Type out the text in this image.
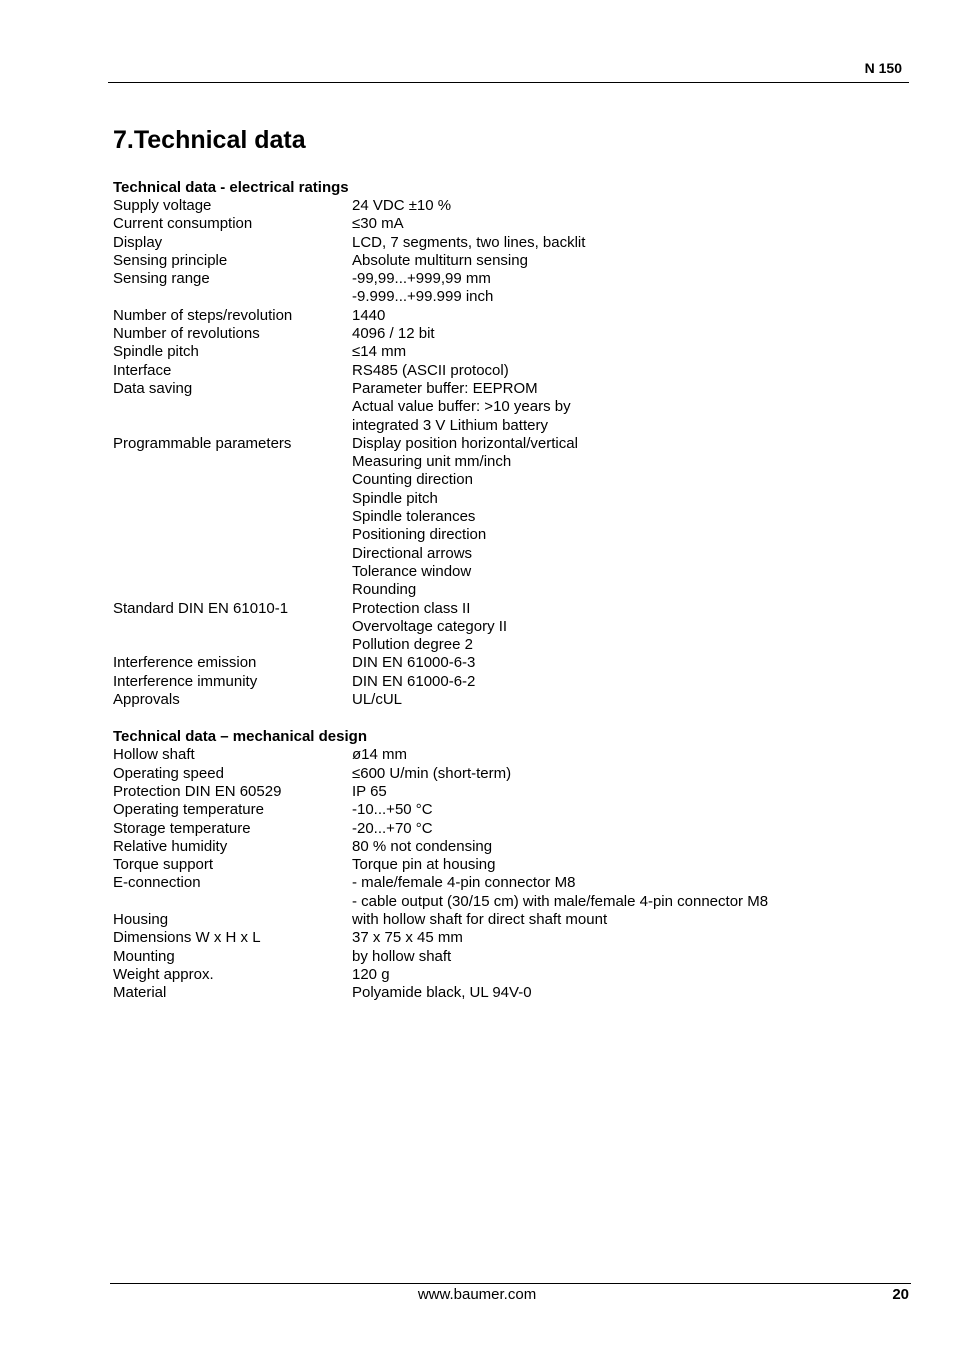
N 150
7.Technical data
Technical data - electrical ratings
Supply voltage	24 VDC ±10 %
Current consumption	≤30 mA
Display	LCD, 7 segments, two lines, backlit
Sensing principle	Absolute multiturn sensing
Sensing range	-99,99...+999,99 mm
-9.999...+99.999 inch
Number of steps/revolution	1440
Number of revolutions	4096 / 12 bit
Spindle pitch	≤14 mm
Interface	RS485 (ASCII protocol)
Data saving	Parameter buffer: EEPROM
Actual value buffer: >10 years by
integrated 3 V Lithium battery
Programmable parameters	Display position horizontal/vertical
Measuring unit mm/inch
Counting direction
Spindle pitch
Spindle tolerances
Positioning direction
Directional arrows
Tolerance window
Rounding
Standard DIN EN 61010-1	Protection class II
Overvoltage category II
Pollution degree 2
Interference emission	DIN EN 61000-6-3
Interference immunity	DIN EN 61000-6-2
Approvals	UL/cUL
Technical data – mechanical design
Hollow shaft	ø14 mm
Operating speed	≤600 U/min (short-term)
Protection DIN EN 60529	IP 65
Operating temperature	-10...+50 °C
Storage temperature	-20...+70 °C
Relative humidity	80 % not condensing
Torque support	Torque pin at housing
E-connection	- male/female 4-pin connector M8
- cable output (30/15 cm) with male/female 4-pin connector M8
Housing	with hollow shaft for direct shaft mount
Dimensions W x H x L	37 x 75 x 45 mm
Mounting	by hollow shaft
Weight approx.	120 g
Material	Polyamide black, UL 94V-0
www.baumer.com	20
